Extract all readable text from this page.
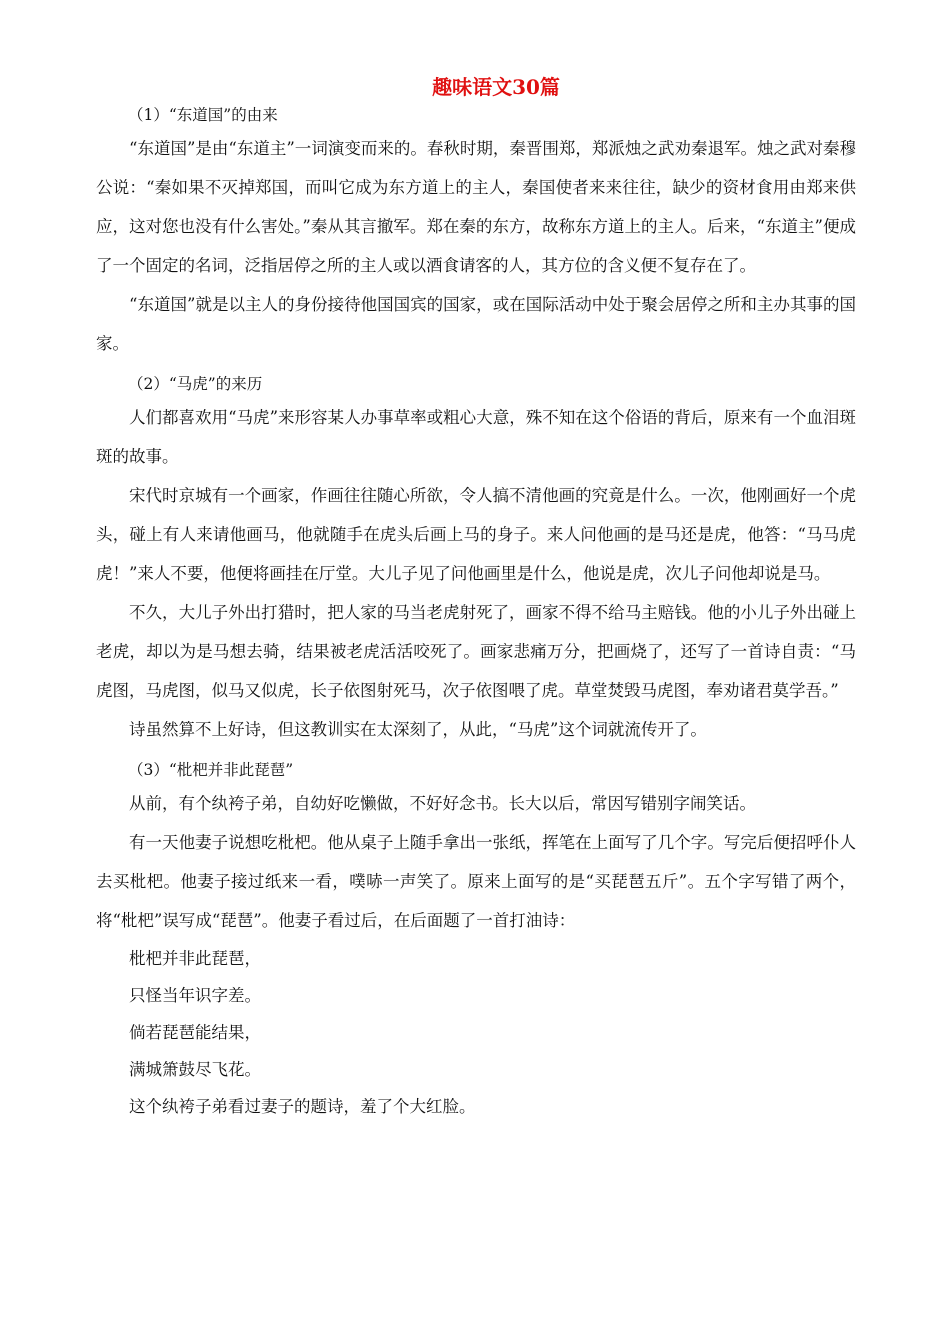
趣味语文30篇

（1）“东道国”的由来

“东道国”是由“东道主”一词演变而来的。春秋时期，秦晋围郑，郑派烛之武劝秦退军。烛之武对秦穆公说：“秦如果不灭掉郑国，而叫它成为东方道上的主人，秦国使者来来往往，缺少的资材食用由郑来供应，这对您也没有什么害处。”秦从其言撤军。郑在秦的东方，故称东方道上的主人。后来，“东道主”便成了一个固定的名词，泛指居停之所的主人或以酒食请客的人，其方位的含义便不复存在了。

“东道国”就是以主人的身份接待他国国宾的国家，或在国际活动中处于聚会居停之所和主办其事的国家。

（2）“马虎”的来历

人们都喜欢用“马虎”来形容某人办事草率或粗心大意，殊不知在这个俗语的背后，原来有一个血泪斑斑的故事。

宋代时京城有一个画家，作画往往随心所欲，令人搞不清他画的究竟是什么。一次，他刚画好一个虎头，碰上有人来请他画马，他就随手在虎头后画上马的身子。来人问他画的是马还是虎，他答：“马马虎虎！”来人不要，他便将画挂在厅堂。大儿子见了问他画里是什么，他说是虎，次儿子问他却说是马。

不久，大儿子外出打猎时，把人家的马当老虎射死了，画家不得不给马主赔钱。他的小儿子外出碰上老虎，却以为是马想去骑，结果被老虎活活咬死了。画家悲痛万分，把画烧了，还写了一首诗自责：“马虎图，马虎图，似马又似虎，长子依图射死马，次子依图喂了虎。草堂焚毁马虎图，奉劝诸君莫学吾。”

诗虽然算不上好诗，但这教训实在太深刻了，从此，“马虎”这个词就流传开了。

（3）“枇杷并非此琵琶”

从前，有个纨袴子弟，自幼好吃懒做，不好好念书。长大以后，常因写错别字闹笑话。

有一天他妻子说想吃枇杷。他从桌子上随手拿出一张纸，挥笔在上面写了几个字。写完后便招呼仆人去买枇杷。他妻子接过纸来一看，噗哧一声笑了。原来上面写的是“买琵琶五斤”。五个字写错了两个，将“枇杷”误写成“琵琶”。他妻子看过后，在后面题了一首打油诗：

枇杷并非此琵琶，

只怪当年识字差。

倘若琵琶能结果，

满城箫鼓尽飞花。

这个纨袴子弟看过妻子的题诗，羞了个大红脸。
